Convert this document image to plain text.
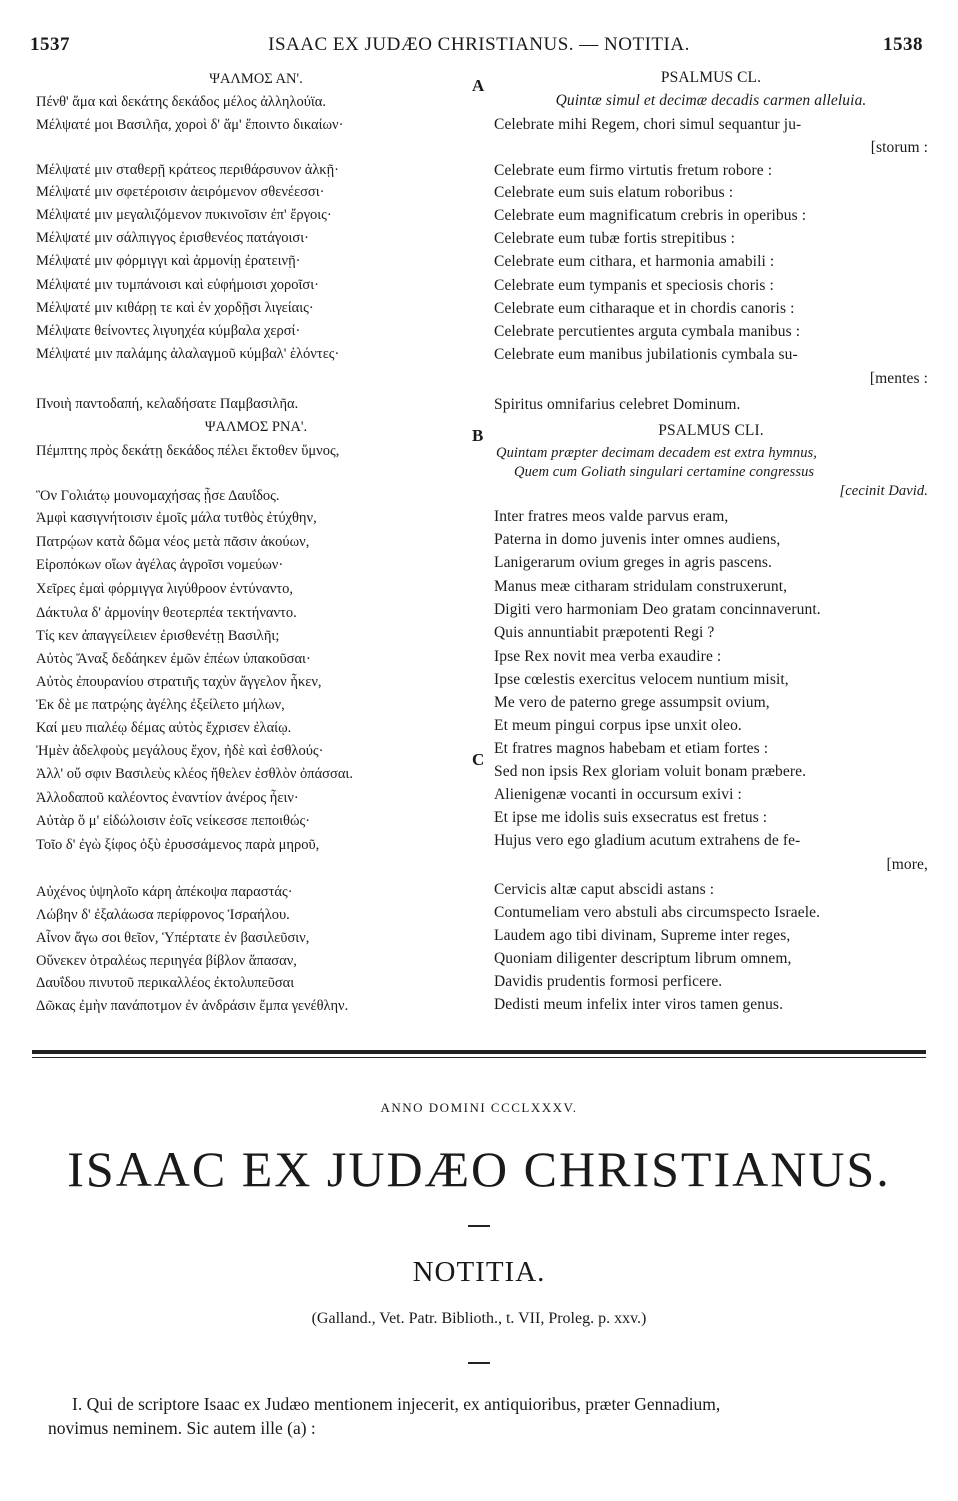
1537	ISAAC EX JUDÆO CHRISTIANUS. — NOTITIA.	1538
A
B
C
ΨΑΛΜΟΣ ΑΝ'.
Πένθ' ἅμα καὶ δεκάτης δεκάδος μέλος ἀλληλούϊα.
Μέλψατέ μοι Βασιλῆα, χοροὶ δ' ἅμ' ἕποιντο δικαίων·
Μέλψατέ μιν σταθερῇ κράτεος περιθάρσυνον ἀλκῇ·
Μέλψατέ μιν σφετέροισιν ἀειρόμενον σθενέεσσι·
Μέλψατέ μιν μεγαλιζόμενον πυκινοῖσιν ἐπ' ἔργοις·
Μέλψατέ μιν σάλπιγγος ἐρισθενέος πατάγοισι·
Μέλψατέ μιν φόρμιγγι καὶ ἁρμονίῃ ἐρατεινῇ·
Μέλψατέ μιν τυμπάνοισι καὶ εὐφήμοισι χοροῖσι·
Μέλψατέ μιν κιθάρῃ τε καὶ ἐν χορδῇσι λιγείαις·
Μέλψατε θείνοντες λιγυηχέα κύμβαλα χερσί·
Μέλψατέ μιν παλάμης ἀλαλαγμοῦ κύμβαλ' ἑλόντες·
Πνοιὴ παντοδαπή, κελαδήσατε Παμβασιλῆα.
ΨΑΛΜΟΣ ΡΝΑ'.
Πέμπτης πρὸς δεκάτῃ δεκάδος πέλει ἔκτοθεν ὕμνος,
Ὃν Γολιάτῳ μουνομαχήσας ᾖσε Δαυΐδος.
Ἀμφὶ κασιγνήτοισιν ἐμοῖς μάλα τυτθὸς ἐτύχθην,
Πατρῴων κατὰ δῶμα νέος μετὰ πᾶσιν ἀκούων,
Εἰροπόκων οἴων ἀγέλας ἀγροῖσι νομεύων·
Χεῖρες ἐμαὶ φόρμιγγα λιγύθροον ἐντύναντο,
Δάκτυλα δ' ἁρμονίην θεοτερπέα τεκτήναντο.
Τίς κεν ἀπαγγείλειεν ἐρισθενέτῃ Βασιλῆι;
Αὐτὸς Ἄναξ δεδάηκεν ἐμῶν ἐπέων ὑπακοῦσαι·
Αὐτὸς ἐπουρανίου στρατιῆς ταχὺν ἄγγελον ἧκεν,
Ἐκ δὲ με πατρῴης ἀγέλης ἐξείλετο μήλων,
Καί μευ πιαλέῳ δέμας αὐτὸς ἔχρισεν ἐλαίῳ.
Ἠμὲν ἀδελφοὺς μεγάλους ἔχον, ἠδὲ καὶ ἐσθλούς·
Ἀλλ' οὔ σφιν Βασιλεὺς κλέος ἤθελεν ἐσθλὸν ὀπάσσαι.
Ἀλλοδαποῦ καλέοντος ἐναντίον ἀνέρος ἦειν·
Αὐτὰρ ὅ μ' εἰδώλοισιν ἑοῖς νείκεσσε πεποιθώς·
Τοῖο δ' ἐγὼ ξίφος ὀξὺ ἐρυσσάμενος παρὰ μηροῦ,
Αὐχένος ὑψηλοῖο κάρη ἀπέκοψα παραστάς·
Λώβην δ' ἐξαλάωσα περίφρονος Ἰσραήλου.
Αἶνον ἄγω σοι θεῖον, Ὑπέρτατε ἐν βασιλεῦσιν,
Οὕνεκεν ὀτραλέως περιηγέα βίβλον ἅπασαν,
Δαυΐδου πινυτοῦ περικαλλέος ἐκτολυπεῦσαι
Δῶκας ἐμὴν πανάποτμον ἐν ἀνδράσιν ἔμπα γενέθλην.
PSALMUS CL.
Quintæ simul et decimæ decadis carmen alleluia.
Celebrate mihi Regem, chori simul sequantur ju-
[storum :
Celebrate eum firmo virtutis fretum robore :
Celebrate eum suis elatum roboribus :
Celebrate eum magnificatum crebris in operibus :
Celebrate eum tubæ fortis strepitibus :
Celebrate eum cithara, et harmonia amabili :
Celebrate eum tympanis et speciosis choris :
Celebrate eum citharaque et in chordis canoris :
Celebrate percutientes arguta cymbala manibus :
Celebrate eum manibus jubilationis cymbala su-
[mentes :
Spiritus omnifarius celebret Dominum.
PSALMUS CLI.
Quintam præpter decimam decadem est extra hymnus,
Quem cum Goliath singulari certamine congressus
[cecinit David.
Inter fratres meos valde parvus eram,
Paterna in domo juvenis inter omnes audiens,
Lanigerarum ovium greges in agris pascens.
Manus meæ citharam stridulam construxerunt,
Digiti vero harmoniam Deo gratam concinnaverunt.
Quis annuntiabit præpotenti Regi ?
Ipse Rex novit mea verba exaudire :
Ipse cœlestis exercitus velocem nuntium misit,
Me vero de paterno grege assumpsit ovium,
Et meum pingui corpus ipse unxit oleo.
Et fratres magnos habebam et etiam fortes :
Sed non ipsis Rex gloriam voluit bonam præbere.
Alienigenæ vocanti in occursum exivi :
Et ipse me idolis suis exsecratus est fretus :
Hujus vero ego gladium acutum extrahens de fe-
[more,
Cervicis altæ caput abscidi astans :
Contumeliam vero abstuli abs circumspecto Israele.
Laudem ago tibi divinam, Supreme inter reges,
Quoniam diligenter descriptum librum omnem,
Davidis prudentis formosi perficere.
Dedisti meum infelix inter viros tamen genus.
ANNO DOMINI CCCLXXXV.
ISAAC EX JUDÆO CHRISTIANUS.
NOTITIA.
(Galland., Vet. Patr. Biblioth., t. VII, Proleg. p. xxv.)
I. Qui de scriptore Isaac ex Judæo mentionem injecerit, ex antiquioribus, præter Gennadium,
novimus neminem. Sic autem ille (a) :
